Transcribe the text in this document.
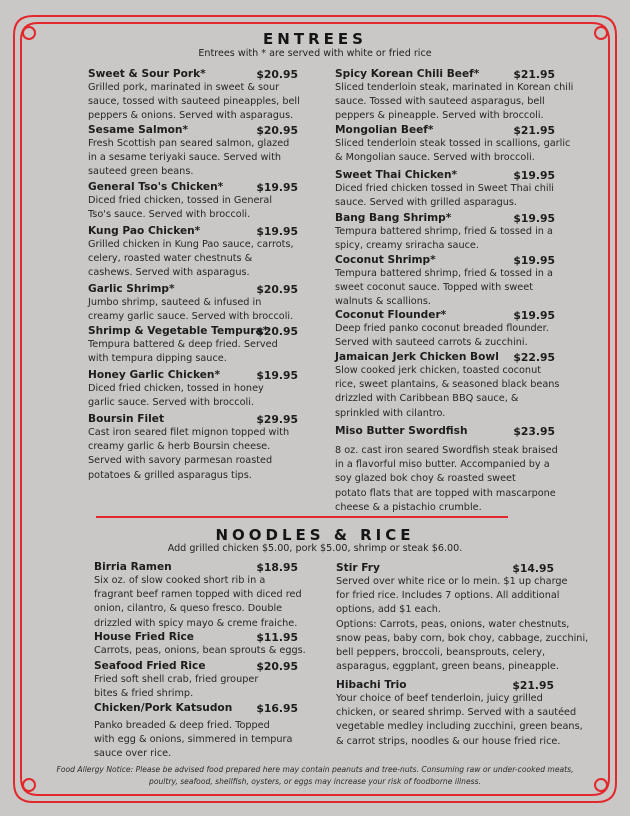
ENTREES
Entrees with * are served with white or fried rice
Sweet & Sour Pork*	$20.95
Grilled pork, marinated in sweet & sour
sauce, tossed with sauteed pineapples, bell
peppers & onions. Served with asparagus.
Sesame Salmon*	$20.95
Fresh Scottish pan seared salmon, glazed
in a sesame teriyaki sauce. Served with
sauteed green beans.
General Tso's Chicken*	$19.95
Diced fried chicken, tossed in General
Tso's sauce. Served with broccoli.
Kung Pao Chicken*	$19.95
Grilled chicken in Kung Pao sauce, carrots,
celery, roasted water chestnuts &
cashews. Served with asparagus.
Garlic Shrimp*	$20.95
Jumbo shrimp, sauteed & infused in
creamy garlic sauce. Served with broccoli.
Shrimp & Vegetable Tempura*
$20.95
Tempura battered & deep fried. Served
with tempura dipping sauce.
Honey Garlic Chicken*	$19.95
Diced fried chicken, tossed in honey
garlic sauce. Served with broccoli.
Boursin Filet	$29.95
Cast iron seared filet mignon topped with
creamy garlic & herb Boursin cheese.
Served with savory parmesan roasted
potatoes & grilled asparagus tips.
Spicy Korean Chili Beef*	$21.95
Sliced tenderloin steak, marinated in Korean chili
sauce. Tossed with sauteed asparagus, bell
peppers & pineapple. Served with broccoli.
Mongolian Beef*	$21.95
Sliced tenderloin steak tossed in scallions, garlic
& Mongolian sauce. Served with broccoli.
Sweet Thai Chicken*	$19.95
Diced fried chicken tossed in Sweet Thai chili
sauce. Served with grilled asparagus.
Bang Bang Shrimp*	$19.95
Tempura battered shrimp, fried & tossed in a
spicy, creamy sriracha sauce.
Coconut Shrimp*	$19.95
Tempura battered shrimp, fried & tossed in a
sweet coconut sauce. Topped with sweet
walnuts & scallions.
Coconut Flounder*	$19.95
Deep fried panko coconut breaded flounder.
Served with sauteed carrots & zucchini.
Jamaican Jerk Chicken Bowl	$22.95
Slow cooked jerk chicken, toasted coconut
rice, sweet plantains, & seasoned black beans
drizzled with Caribbean BBQ sauce, &
sprinkled with cilantro.
Miso Butter Swordfish	$23.95
8 oz. cast iron seared Swordfish steak braised
in a flavorful miso butter. Accompanied by a
soy glazed bok choy & roasted sweet
potato flats that are topped with mascarpone
cheese & a pistachio crumble.
NOODLES & RICE
Add grilled chicken $5.00, pork $5.00, shrimp or steak $6.00.
Birria Ramen	$18.95
Six oz. of slow cooked short rib in a
fragrant beef ramen topped with diced red
onion, cilantro, & queso fresco. Double
drizzled with spicy mayo & creme fraiche.
House Fried Rice	$11.95
Carrots, peas, onions, bean sprouts & eggs.
Seafood Fried Rice	$20.95
Fried soft shell crab, fried grouper
bites & fried shrimp.
Chicken/Pork Katsudon	$16.95
Panko breaded & deep fried. Topped
with egg & onions, simmered in tempura
sauce over rice.
Stir Fry	$14.95
Served over white rice or lo mein. $1 up charge
for fried rice. Includes 7 options. All additional
options, add $1 each.
Options: Carrots, peas, onions, water chestnuts,
snow peas, baby corn, bok choy, cabbage, zucchini,
bell peppers, broccoli, beansprouts, celery,
asparagus, eggplant, green beans, pineapple.
Hibachi Trio	$21.95
Your choice of beef tenderloin, juicy grilled
chicken, or seared shrimp. Served with a sautéed
vegetable medley including zucchini, green beans,
& carrot strips, noodles & our house fried rice.
Food Allergy Notice: Please be advised food prepared here may contain peanuts and tree-nuts. Consuming raw or under-cooked meats,
poultry, seafood, shellfish, oysters, or eggs may increase your risk of foodborne illness.
